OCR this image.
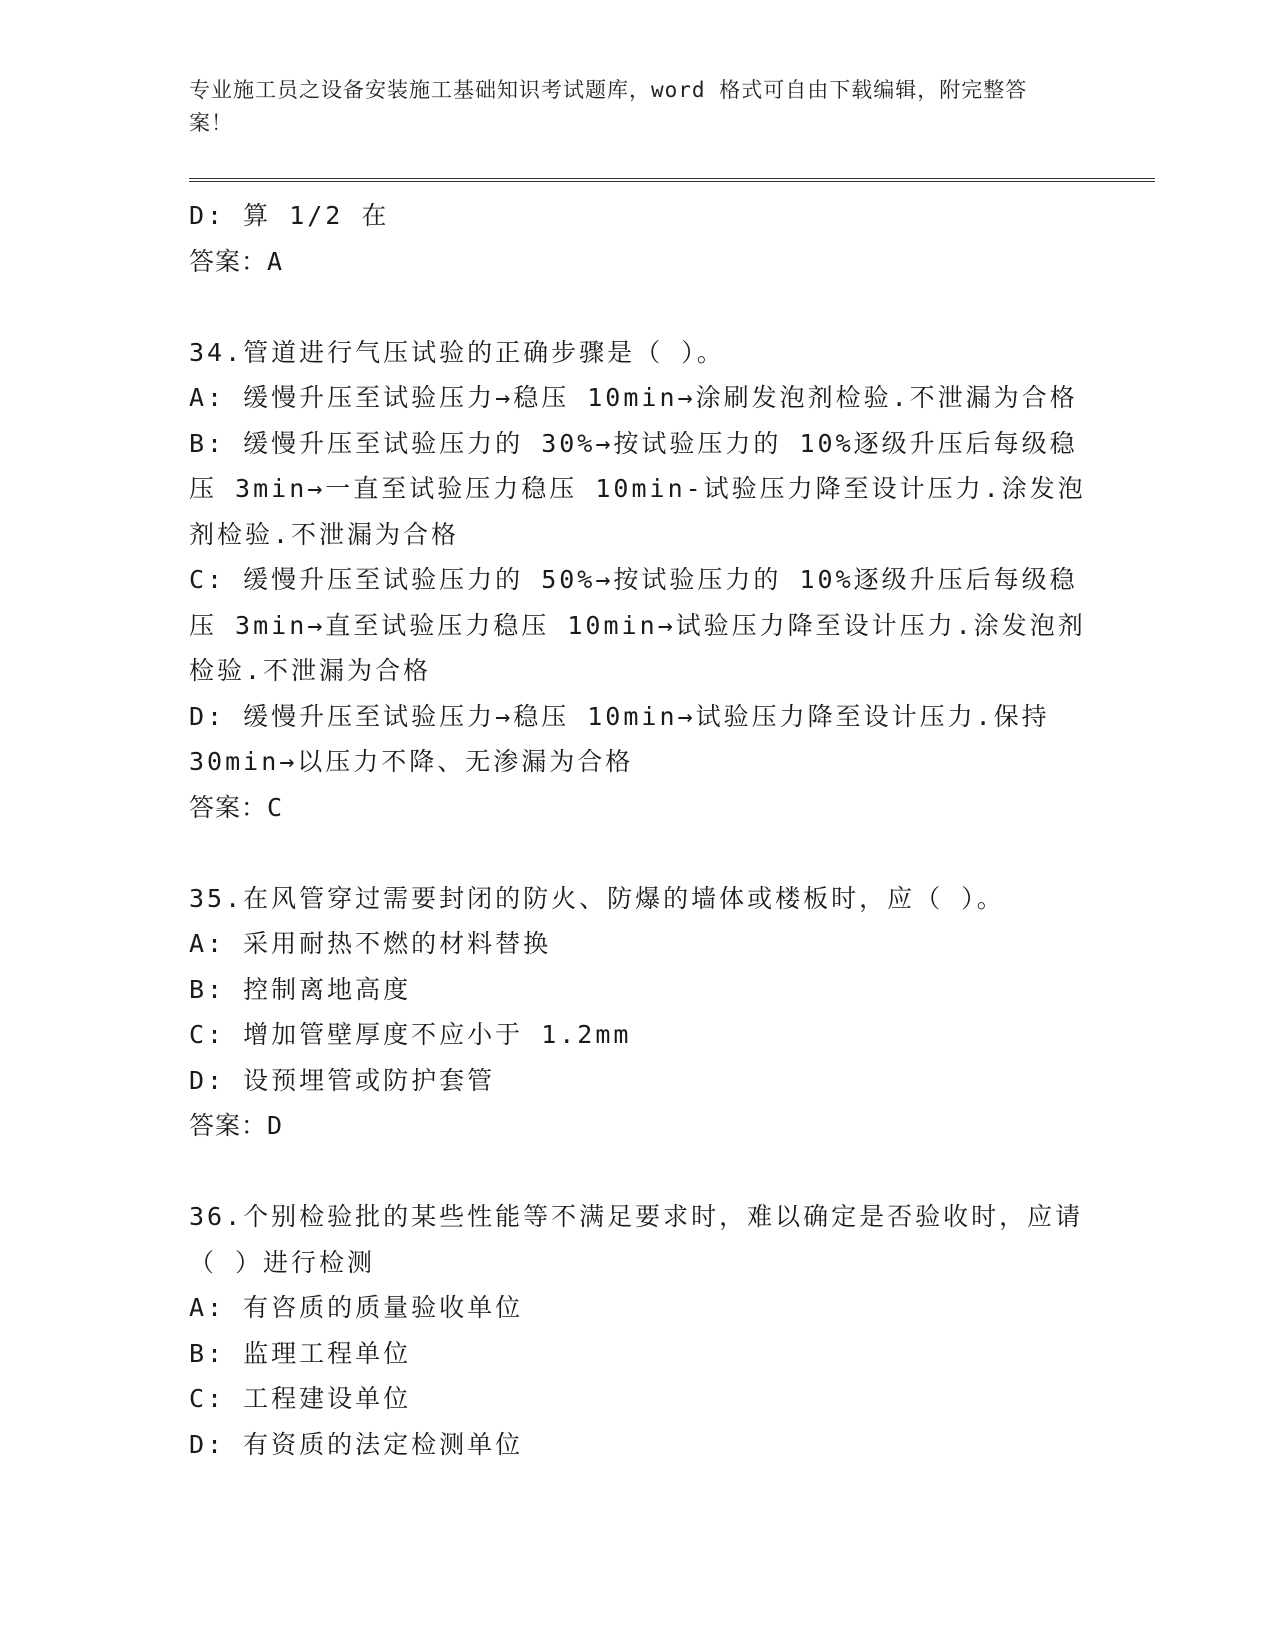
专业施工员之设备安装施工基础知识考试题库，word 格式可自由下载编辑，附完整答案！
D: 算 1/2 在
答案：A
34.管道进行气压试验的正确步骤是（ ）。
A: 缓慢升压至试验压力→稳压 10min→涂刷发泡剂检验.不泄漏为合格
B: 缓慢升压至试验压力的 30%→按试验压力的 10%逐级升压后每级稳压 3min→一直至试验压力稳压 10min-试验压力降至设计压力.涂发泡剂检验.不泄漏为合格
C: 缓慢升压至试验压力的 50%→按试验压力的 10%逐级升压后每级稳压 3min→直至试验压力稳压 10min→试验压力降至设计压力.涂发泡剂检验.不泄漏为合格
D: 缓慢升压至试验压力→稳压 10min→试验压力降至设计压力.保持 30min→以压力不降、无渗漏为合格
答案：C
35.在风管穿过需要封闭的防火、防爆的墙体或楼板时，应（ ）。
A: 采用耐热不燃的材料替换
B: 控制离地高度
C: 增加管壁厚度不应小于 1.2mm
D: 设预埋管或防护套管
答案：D
36.个别检验批的某些性能等不满足要求时，难以确定是否验收时，应请（ ）进行检测
A: 有咨质的质量验收单位
B: 监理工程单位
C: 工程建设单位
D: 有资质的法定检测单位
